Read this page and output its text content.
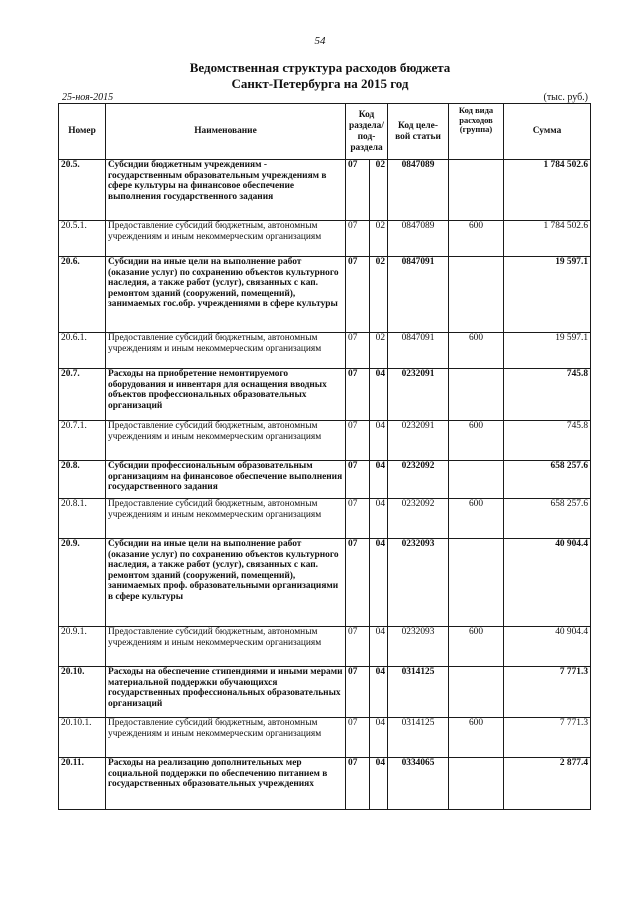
54
Ведомственная структура расходов бюджета
Санкт-Петербурга на 2015 год
25-ноя-2015	(тыс. руб.)
Номер	Наименование	Код раздела/ под- раздела		Код целе- вой статьи	Код вида расходов (группа)	Сумма
20.5.	Субсидии бюджетным учреждениям - государственным образовательным учреждениям в сфере культуры на финансовое обеспечение выполнения государственного задания	07	02	0847089		1 784 502.6
20.5.1.	Предоставление субсидий бюджетным, автономным учреждениям и иным некоммерческим организациям	07	02	0847089	600	1 784 502.6
20.6.	Субсидии на иные цели на выполнение работ (оказание услуг) по сохранению объектов культурного наследия, а также работ (услуг), связанных с кап. ремонтом зданий (сооружений, помещений), занимаемых гос.обр. учреждениями в сфере культуры	07	02	0847091		19 597.1
20.6.1.	Предоставление субсидий бюджетным, автономным учреждениям и иным некоммерческим организациям	07	02	0847091	600	19 597.1
20.7.	Расходы на приобретение немонтируемого оборудования и инвентаря для оснащения вводных объектов профессиональных образовательных организаций	07	04	0232091		745.8
20.7.1.	Предоставление субсидий бюджетным, автономным учреждениям и иным некоммерческим организациям	07	04	0232091	600	745.8
20.8.	Субсидии профессиональным образовательным организациям на финансовое обеспечение выполнения государственного задания	07	04	0232092		658 257.6
20.8.1.	Предоставление субсидий бюджетным, автономным учреждениям и иным некоммерческим организациям	07	04	0232092	600	658 257.6
20.9.	Субсидии на иные цели на выполнение работ (оказание услуг) по сохранению объектов культурного наследия, а также работ (услуг), связанных с кап. ремонтом зданий (сооружений, помещений), занимаемых проф. образовательными организациями в сфере культуры	07	04	0232093		40 904.4
20.9.1.	Предоставление субсидий бюджетным, автономным учреждениям и иным некоммерческим организациям	07	04	0232093	600	40 904.4
20.10.	Расходы на обеспечение стипендиями и иными мерами материальной поддержки обучающихся государственных профессиональных образовательных организаций	07	04	0314125		7 771.3
20.10.1.	Предоставление субсидий бюджетным, автономным учреждениям и иным некоммерческим организациям	07	04	0314125	600	7 771.3
20.11.	Расходы на реализацию дополнительных мер социальной поддержки по обеспечению питанием в государственных образовательных учреждениях	07	04	0334065		2 877.4
